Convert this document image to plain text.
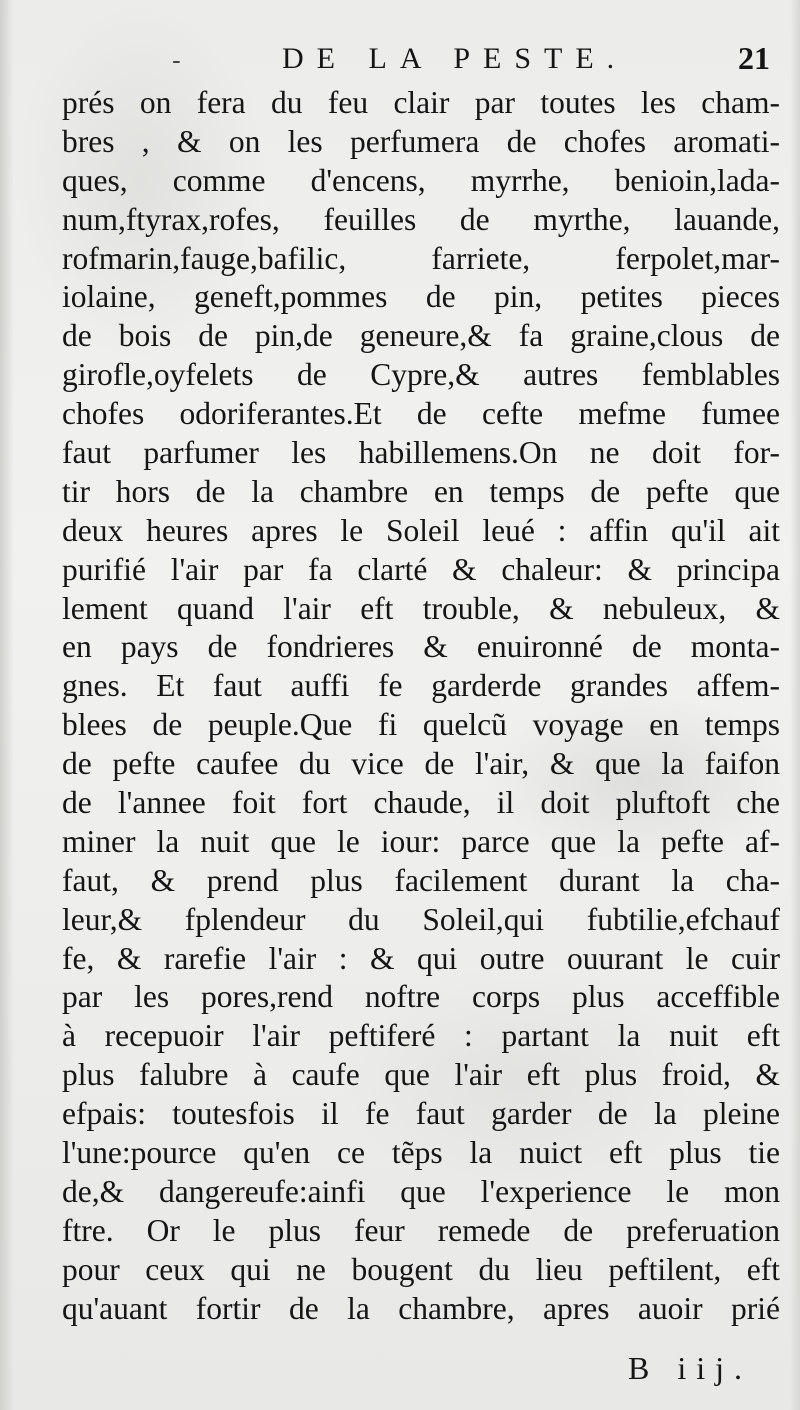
-	DE LA PESTE.	21
prés on fera du feu clair par toutes les cham-
bres , & on les perfumera de chofes aromati-
ques, comme d'encens, myrrhe, benioin,lada-
num,ftyrax,rofes, feuilles de myrthe, lauande,
rofmarin,fauge,bafilic, farriete, ferpolet,mar-
iolaine, geneft,pommes de pin, petites pieces
de bois de pin,de geneure,& fa graine,clous de
girofle,oyfelets de Cypre,& autres femblables
chofes odoriferantes.Et de cefte mefme fumee
faut parfumer les habillemens.On ne doit for-
tir hors de la chambre en temps de pefte que
deux heures apres le Soleil leué : affin qu'il ait
purifié l'air par fa clarté & chaleur: & principa
lement quand l'air eft trouble, & nebuleux, &
en pays de fondrieres & enuironné de monta-
gnes. Et faut auffi fe garderde grandes affem-
blees de peuple.Que fi quelcũ voyage en temps
de pefte caufee du vice de l'air, & que la faifon
de l'annee foit fort chaude, il doit pluftoft che
miner la nuit que le iour: parce que la pefte af-
faut, & prend plus facilement durant la cha-
leur,& fplendeur du Soleil,qui fubtilie,efchauf
fe, & rarefie l'air : & qui outre ouurant le cuir
par les pores,rend noftre corps plus acceffible
à recepuoir l'air peftiferé : partant la nuit eft
plus falubre à caufe que l'air eft plus froid, &
efpais: toutesfois il fe faut garder de la pleine
l'une:pource qu'en ce tẽps la nuict eft plus tie
de,& dangereufe:ainfi que l'experience le mon
ftre. Or le plus feur remede de preferuation
pour ceux qui ne bougent du lieu peftilent, eft
qu'auant fortir de la chambre, apres auoir prié
B iij.
